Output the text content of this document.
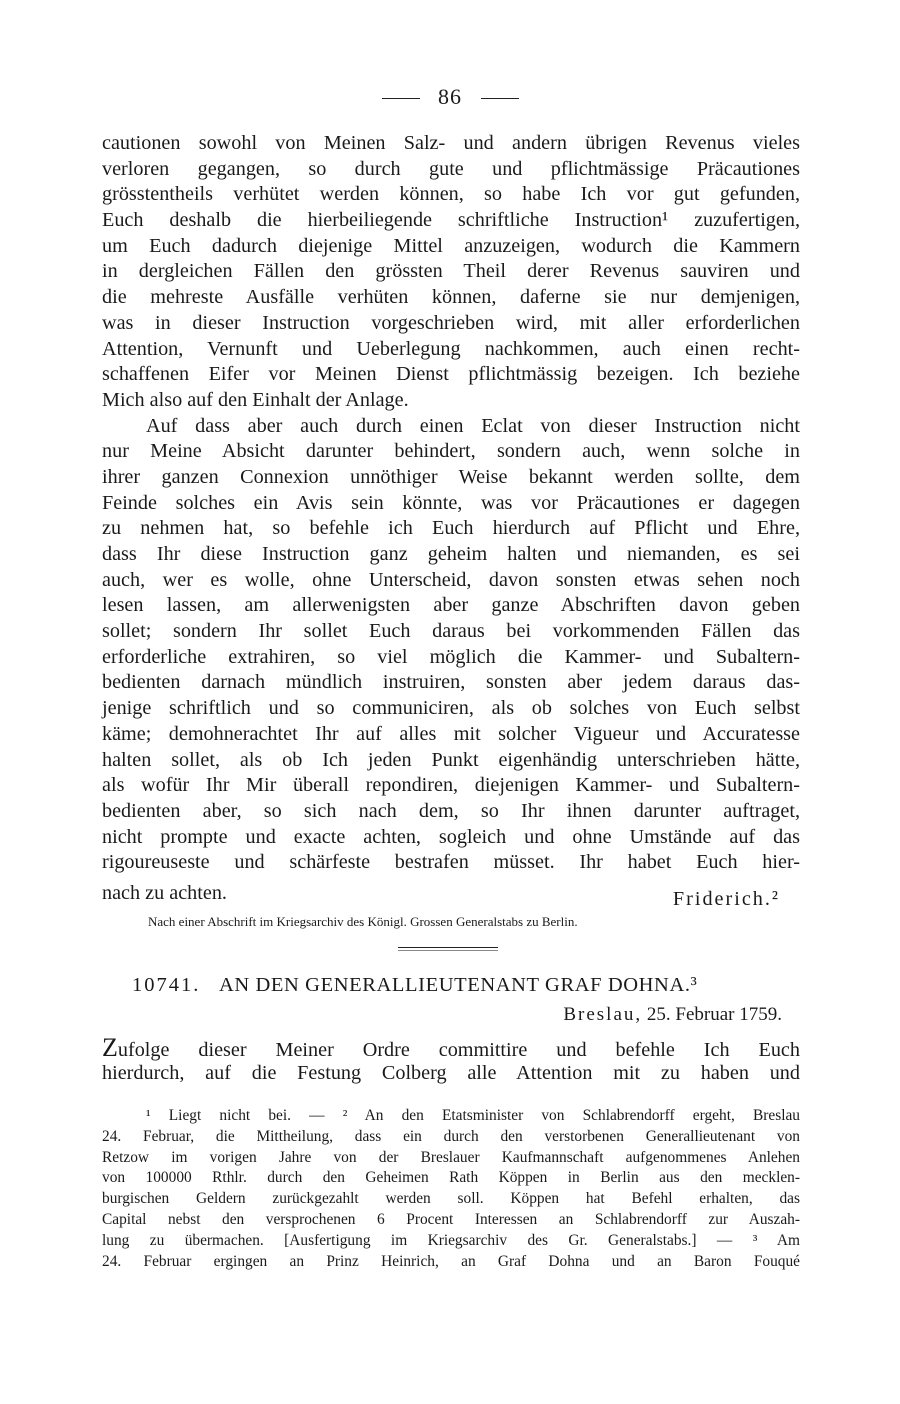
86
cautionen sowohl von Meinen Salz- und andern übrigen Revenus vieles
verloren gegangen, so durch gute und pflichtmässige Präcautiones
grösstentheils verhütet werden können, so habe Ich vor gut gefunden,
Euch deshalb die hierbeiliegende schriftliche Instruction¹ zuzufertigen,
um Euch dadurch diejenige Mittel anzuzeigen, wodurch die Kammern
in dergleichen Fällen den grössten Theil derer Revenus sauviren und
die mehreste Ausfälle verhüten können, daferne sie nur demjenigen,
was in dieser Instruction vorgeschrieben wird, mit aller erforderlichen
Attention, Vernunft und Ueberlegung nachkommen, auch einen recht-
schaffenen Eifer vor Meinen Dienst pflichtmässig bezeigen. Ich beziehe
Mich also auf den Einhalt der Anlage.
Auf dass aber auch durch einen Eclat von dieser Instruction nicht
nur Meine Absicht darunter behindert, sondern auch, wenn solche in
ihrer ganzen Connexion unnöthiger Weise bekannt werden sollte, dem
Feinde solches ein Avis sein könnte, was vor Präcautiones er dagegen
zu nehmen hat, so befehle ich Euch hierdurch auf Pflicht und Ehre,
dass Ihr diese Instruction ganz geheim halten und niemanden, es sei
auch, wer es wolle, ohne Unterscheid, davon sonsten etwas sehen noch
lesen lassen, am allerwenigsten aber ganze Abschriften davon geben
sollet; sondern Ihr sollet Euch daraus bei vorkommenden Fällen das
erforderliche extrahiren, so viel möglich die Kammer- und Subaltern-
bedienten darnach mündlich instruiren, sonsten aber jedem daraus das-
jenige schriftlich und so communiciren, als ob solches von Euch selbst
käme; demohnerachtet Ihr auf alles mit solcher Vigueur und Accuratesse
halten sollet, als ob Ich jeden Punkt eigenhändig unterschrieben hätte,
als wofür Ihr Mir überall repondiren, diejenigen Kammer- und Subaltern-
bedienten aber, so sich nach dem, so Ihr ihnen darunter auftraget,
nicht prompte und exacte achten, sogleich und ohne Umstände auf das
rigoureuseste und schärfeste bestrafen müsset. Ihr habet Euch hier-
nach zu achten.	Friderich.²
Nach einer Abschrift im Kriegsarchiv des Königl. Grossen Generalstabs zu Berlin.
10741. AN DEN GENERALLIEUTENANT GRAF DOHNA.³
Breslau, 25. Februar 1759.
Zufolge dieser Meiner Ordre committire und befehle Ich Euch
hierdurch, auf die Festung Colberg alle Attention mit zu haben und
¹ Liegt nicht bei. — ² An den Etatsminister von Schlabrendorff ergeht, Breslau
24. Februar, die Mittheilung, dass ein durch den verstorbenen Generallieutenant von
Retzow im vorigen Jahre von der Breslauer Kaufmannschaft aufgenommenes Anlehen
von 100000 Rthlr. durch den Geheimen Rath Köppen in Berlin aus den mecklen-
burgischen Geldern zurückgezahlt werden soll. Köppen hat Befehl erhalten, das
Capital nebst den versprochenen 6 Procent Interessen an Schlabrendorff zur Auszah-
lung zu übermachen. [Ausfertigung im Kriegsarchiv des Gr. Generalstabs.] — ³ Am
24. Februar ergingen an Prinz Heinrich, an Graf Dohna und an Baron Fouqué
